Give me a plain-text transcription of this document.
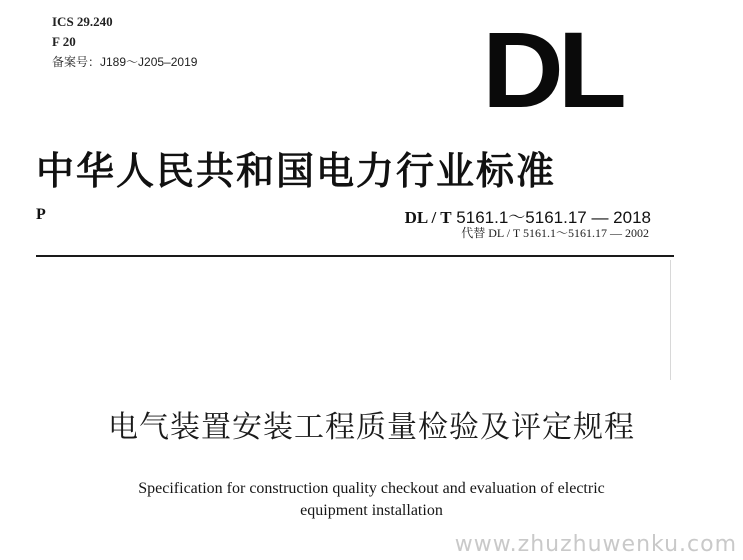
ICS 29.240
F 20
备案号：J189～J205–2019	DL
中华人民共和国电力行业标准
P	DL / T 5161.1～5161.17 — 2018
代替 DL / T 5161.1～5161.17 — 2002
电气装置安装工程质量检验及评定规程
Specification for construction quality checkout and evaluation of electric
equipment installation
www.zhuzhuwenku.com
